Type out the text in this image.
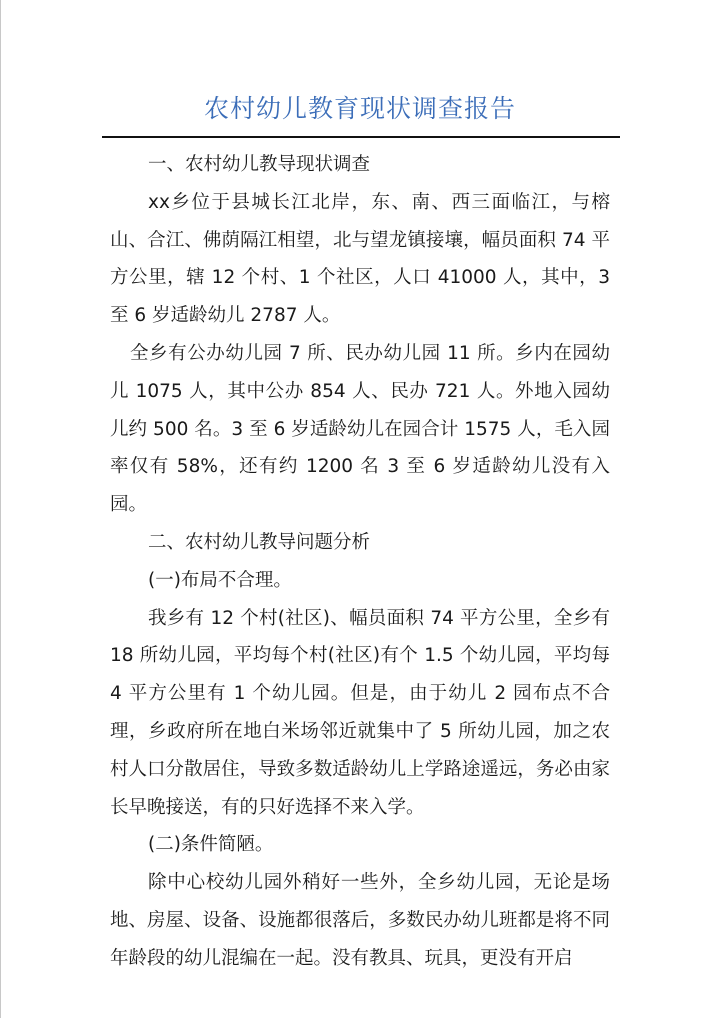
农村幼儿教育现状调查报告

一、农村幼儿教导现状调查

xx乡位于县城长江北岸，东、南、西三面临江，与榕山、合江、佛荫隔江相望，北与望龙镇接壤，幅员面积 74 平方公里，辖 12 个村、1 个社区，人口 41000 人，其中，3 至 6 岁适龄幼儿 2787 人。

全乡有公办幼儿园 7 所、民办幼儿园 11 所。乡内在园幼儿 1075 人，其中公办 854 人、民办 721 人。外地入园幼儿约 500 名。3 至 6 岁适龄幼儿在园合计 1575 人，毛入园率仅有 58%，还有约 1200 名 3 至 6 岁适龄幼儿没有入园。

二、农村幼儿教导问题分析

(一)布局不合理。

我乡有 12 个村(社区)、幅员面积 74 平方公里，全乡有 18 所幼儿园，平均每个村(社区)有个 1.5 个幼儿园，平均每 4 平方公里有 1 个幼儿园。但是，由于幼儿 2 园布点不合理，乡政府所在地白米场邻近就集中了 5 所幼儿园，加之农村人口分散居住，导致多数适龄幼儿上学路途遥远，务必由家长早晚接送，有的只好选择不来入学。

(二)条件简陋。

除中心校幼儿园外稍好一些外，全乡幼儿园，无论是场地、房屋、设备、设施都很落后，多数民办幼儿班都是将不同年龄段的幼儿混编在一起。没有教具、玩具，更没有开启
